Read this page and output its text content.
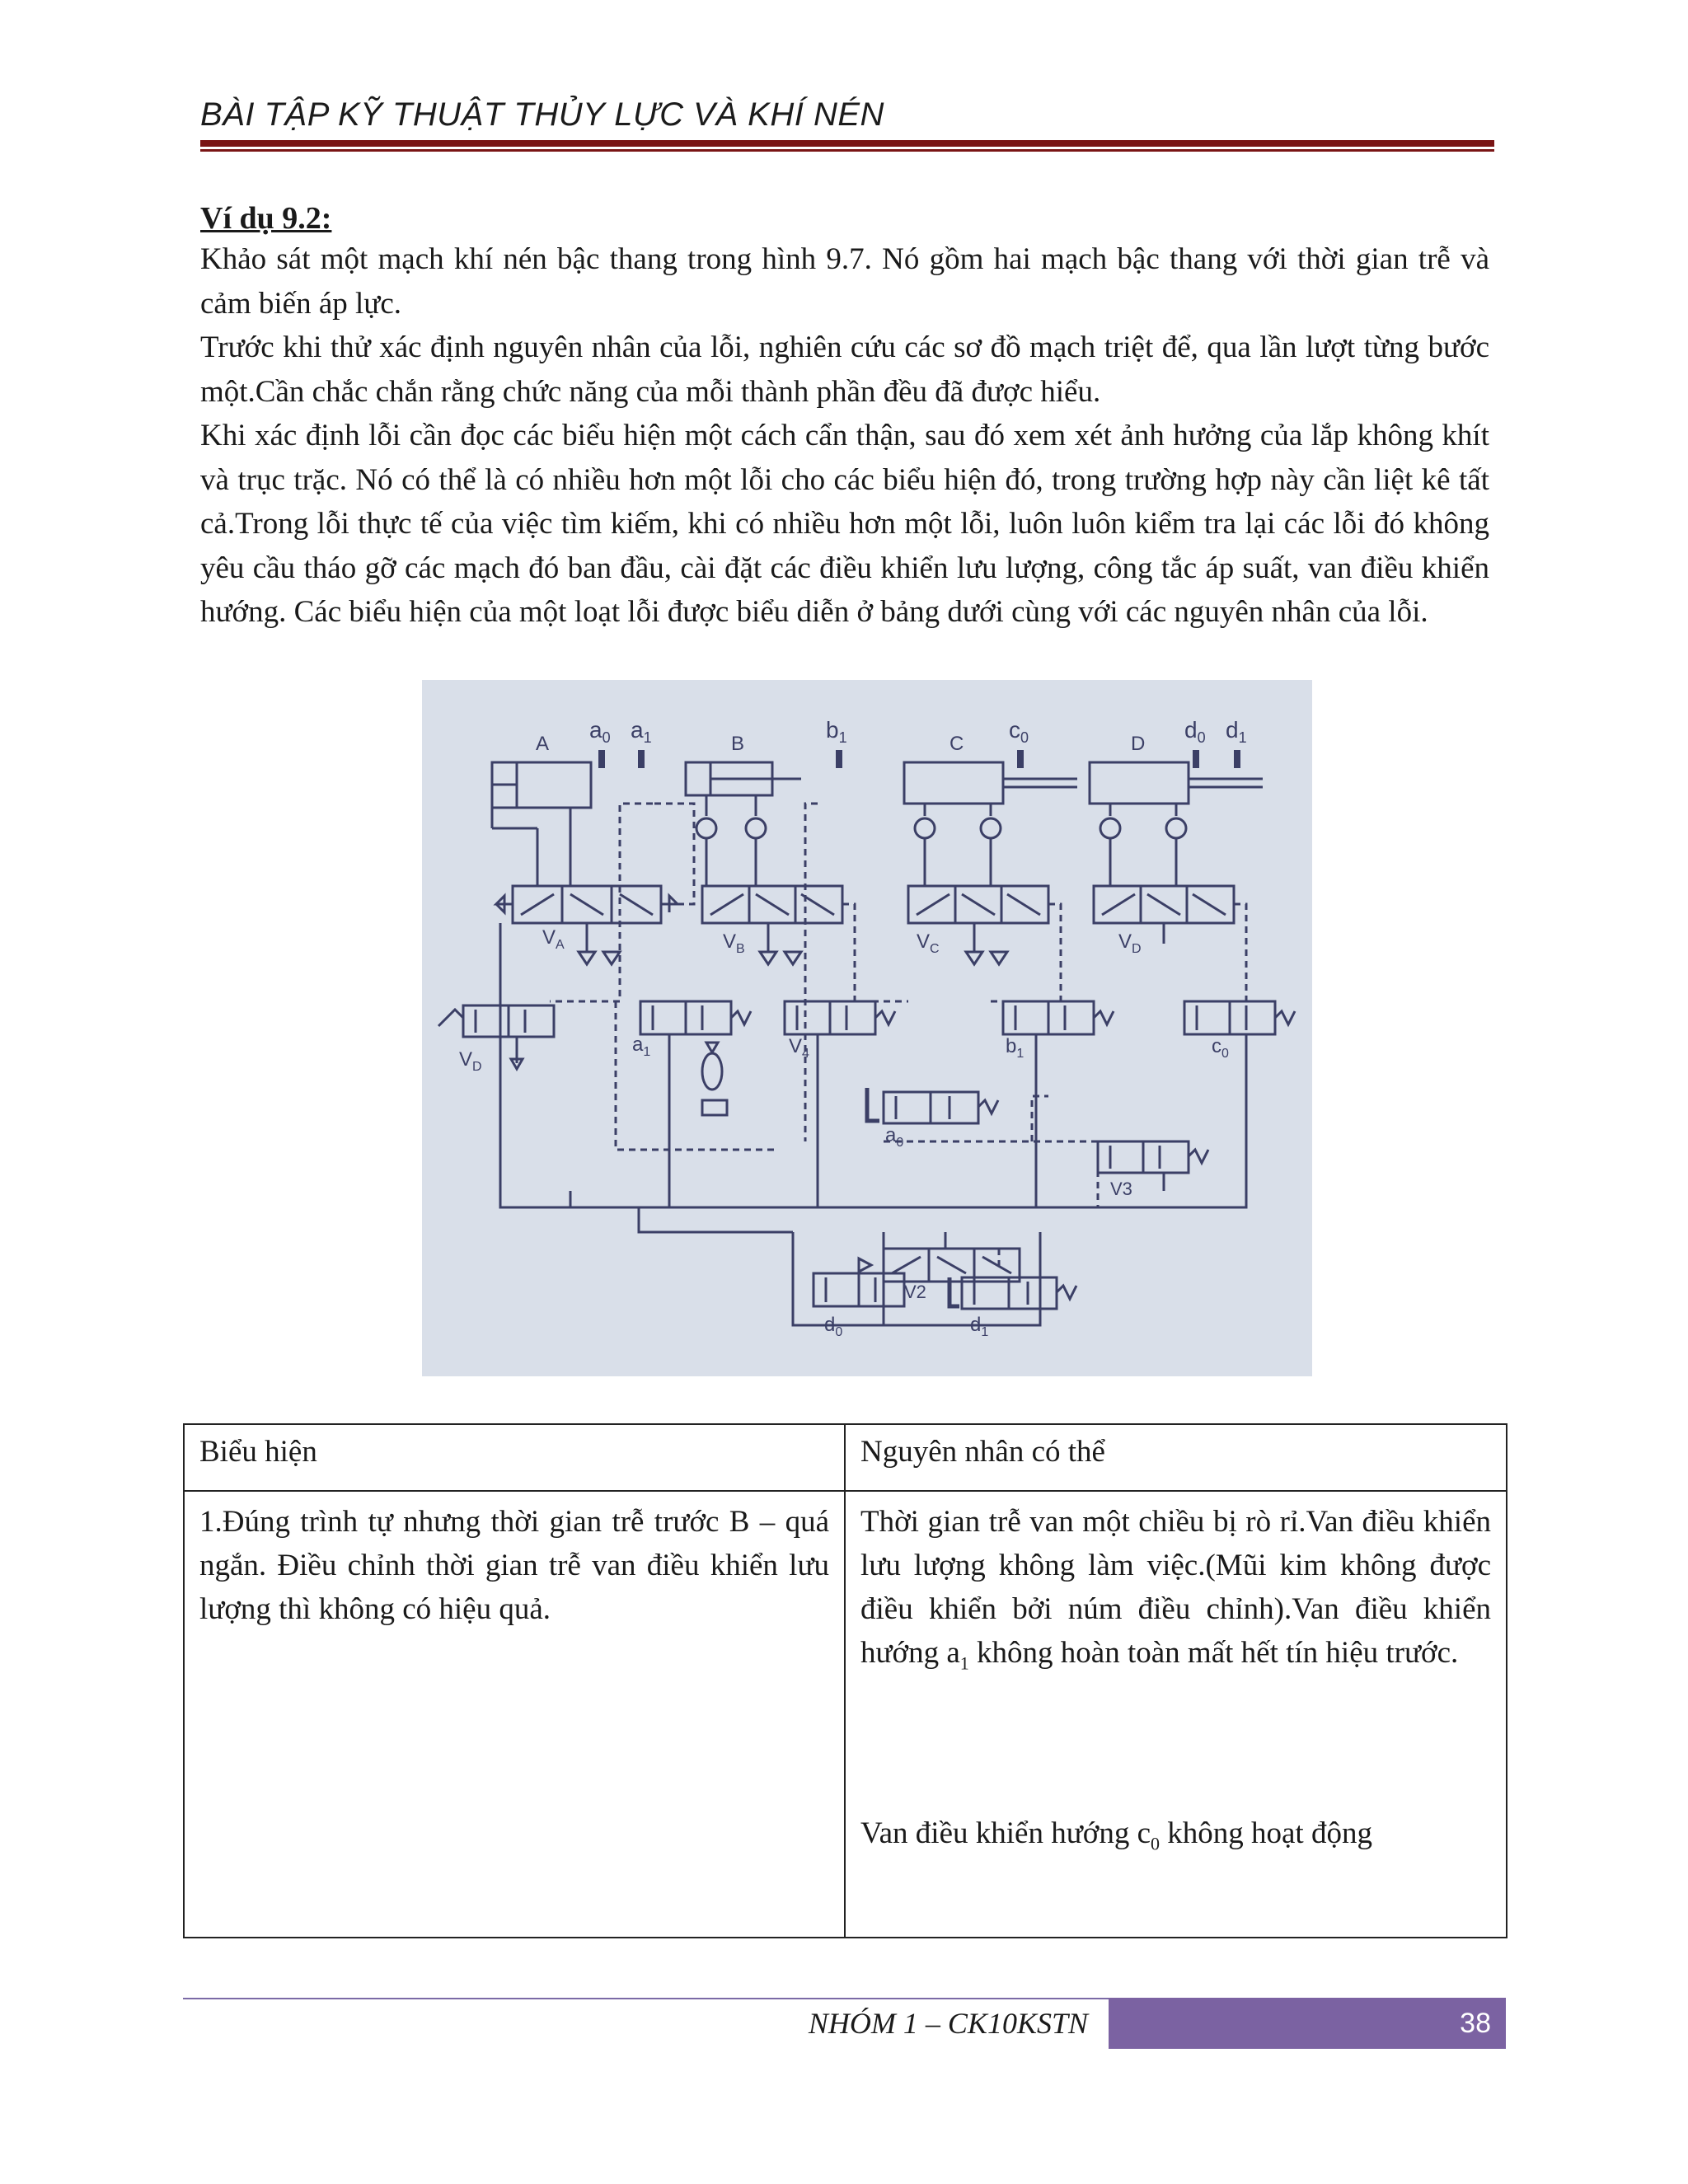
BÀI TẬP KỸ THUẬT THỦY LỰC VÀ KHÍ NÉN
Ví dụ 9.2:

Khảo sát một mạch khí nén bậc thang trong hình 9.7. Nó gồm hai mạch bậc thang với thời gian trễ và cảm biến áp lực.

Trước khi thử xác định nguyên nhân của lỗi, nghiên cứu các sơ đồ mạch triệt để, qua lần lượt từng bước một.Cần chắc chắn rằng chức năng của mỗi thành phần đều đã được hiểu.

Khi xác định lỗi cần đọc các biểu hiện một cách cẩn thận, sau đó xem xét ảnh hưởng của lắp không khít và trục trặc. Nó có thể là có nhiều hơn một lỗi cho các biểu hiện đó, trong trường hợp này cần liệt kê tất cả.Trong lỗi thực tế của việc tìm kiếm, khi có nhiều hơn một lỗi, luôn luôn kiểm tra lại các lỗi đó không yêu cầu tháo gỡ các mạch đó ban đầu, cài đặt các điều khiển lưu lượng, công tắc áp suất, van điều khiển hướng. Các biểu hiện của một loạt lỗi được biểu diễn ở bảng dưới cùng với các nguyên nhân của lỗi.

A
$a_0$ $a_1$
$V_A$
B
$b_1$
$V_B$
C
$c_0$
$V_C$
D
$d_0$ $d_1$
$V_D$
$V_D$
$a_1$	$V_4$	$b_1$	$c_0$
$a_0$
V3
V2
$d_0$	$d_1$
Biểu hiện	Nguyên nhân có thể
1.Đúng trình tự nhưng thời gian trễ trước B – quá ngắn. Điều chỉnh thời gian trễ van điều khiển lưu lượng thì không có hiệu quả.	Thời gian trễ van một chiều bị rò rỉ.Van điều khiển lưu lượng không làm việc.(Mũi kim không được điều khiển bởi núm điều chỉnh).Van điều khiển hướng $a_1$ không hoàn toàn mất hết tín hiệu trước.
Van điều khiển hướng $c_0$ không hoạt động
NHÓM 1 – CK10KSTN	38
